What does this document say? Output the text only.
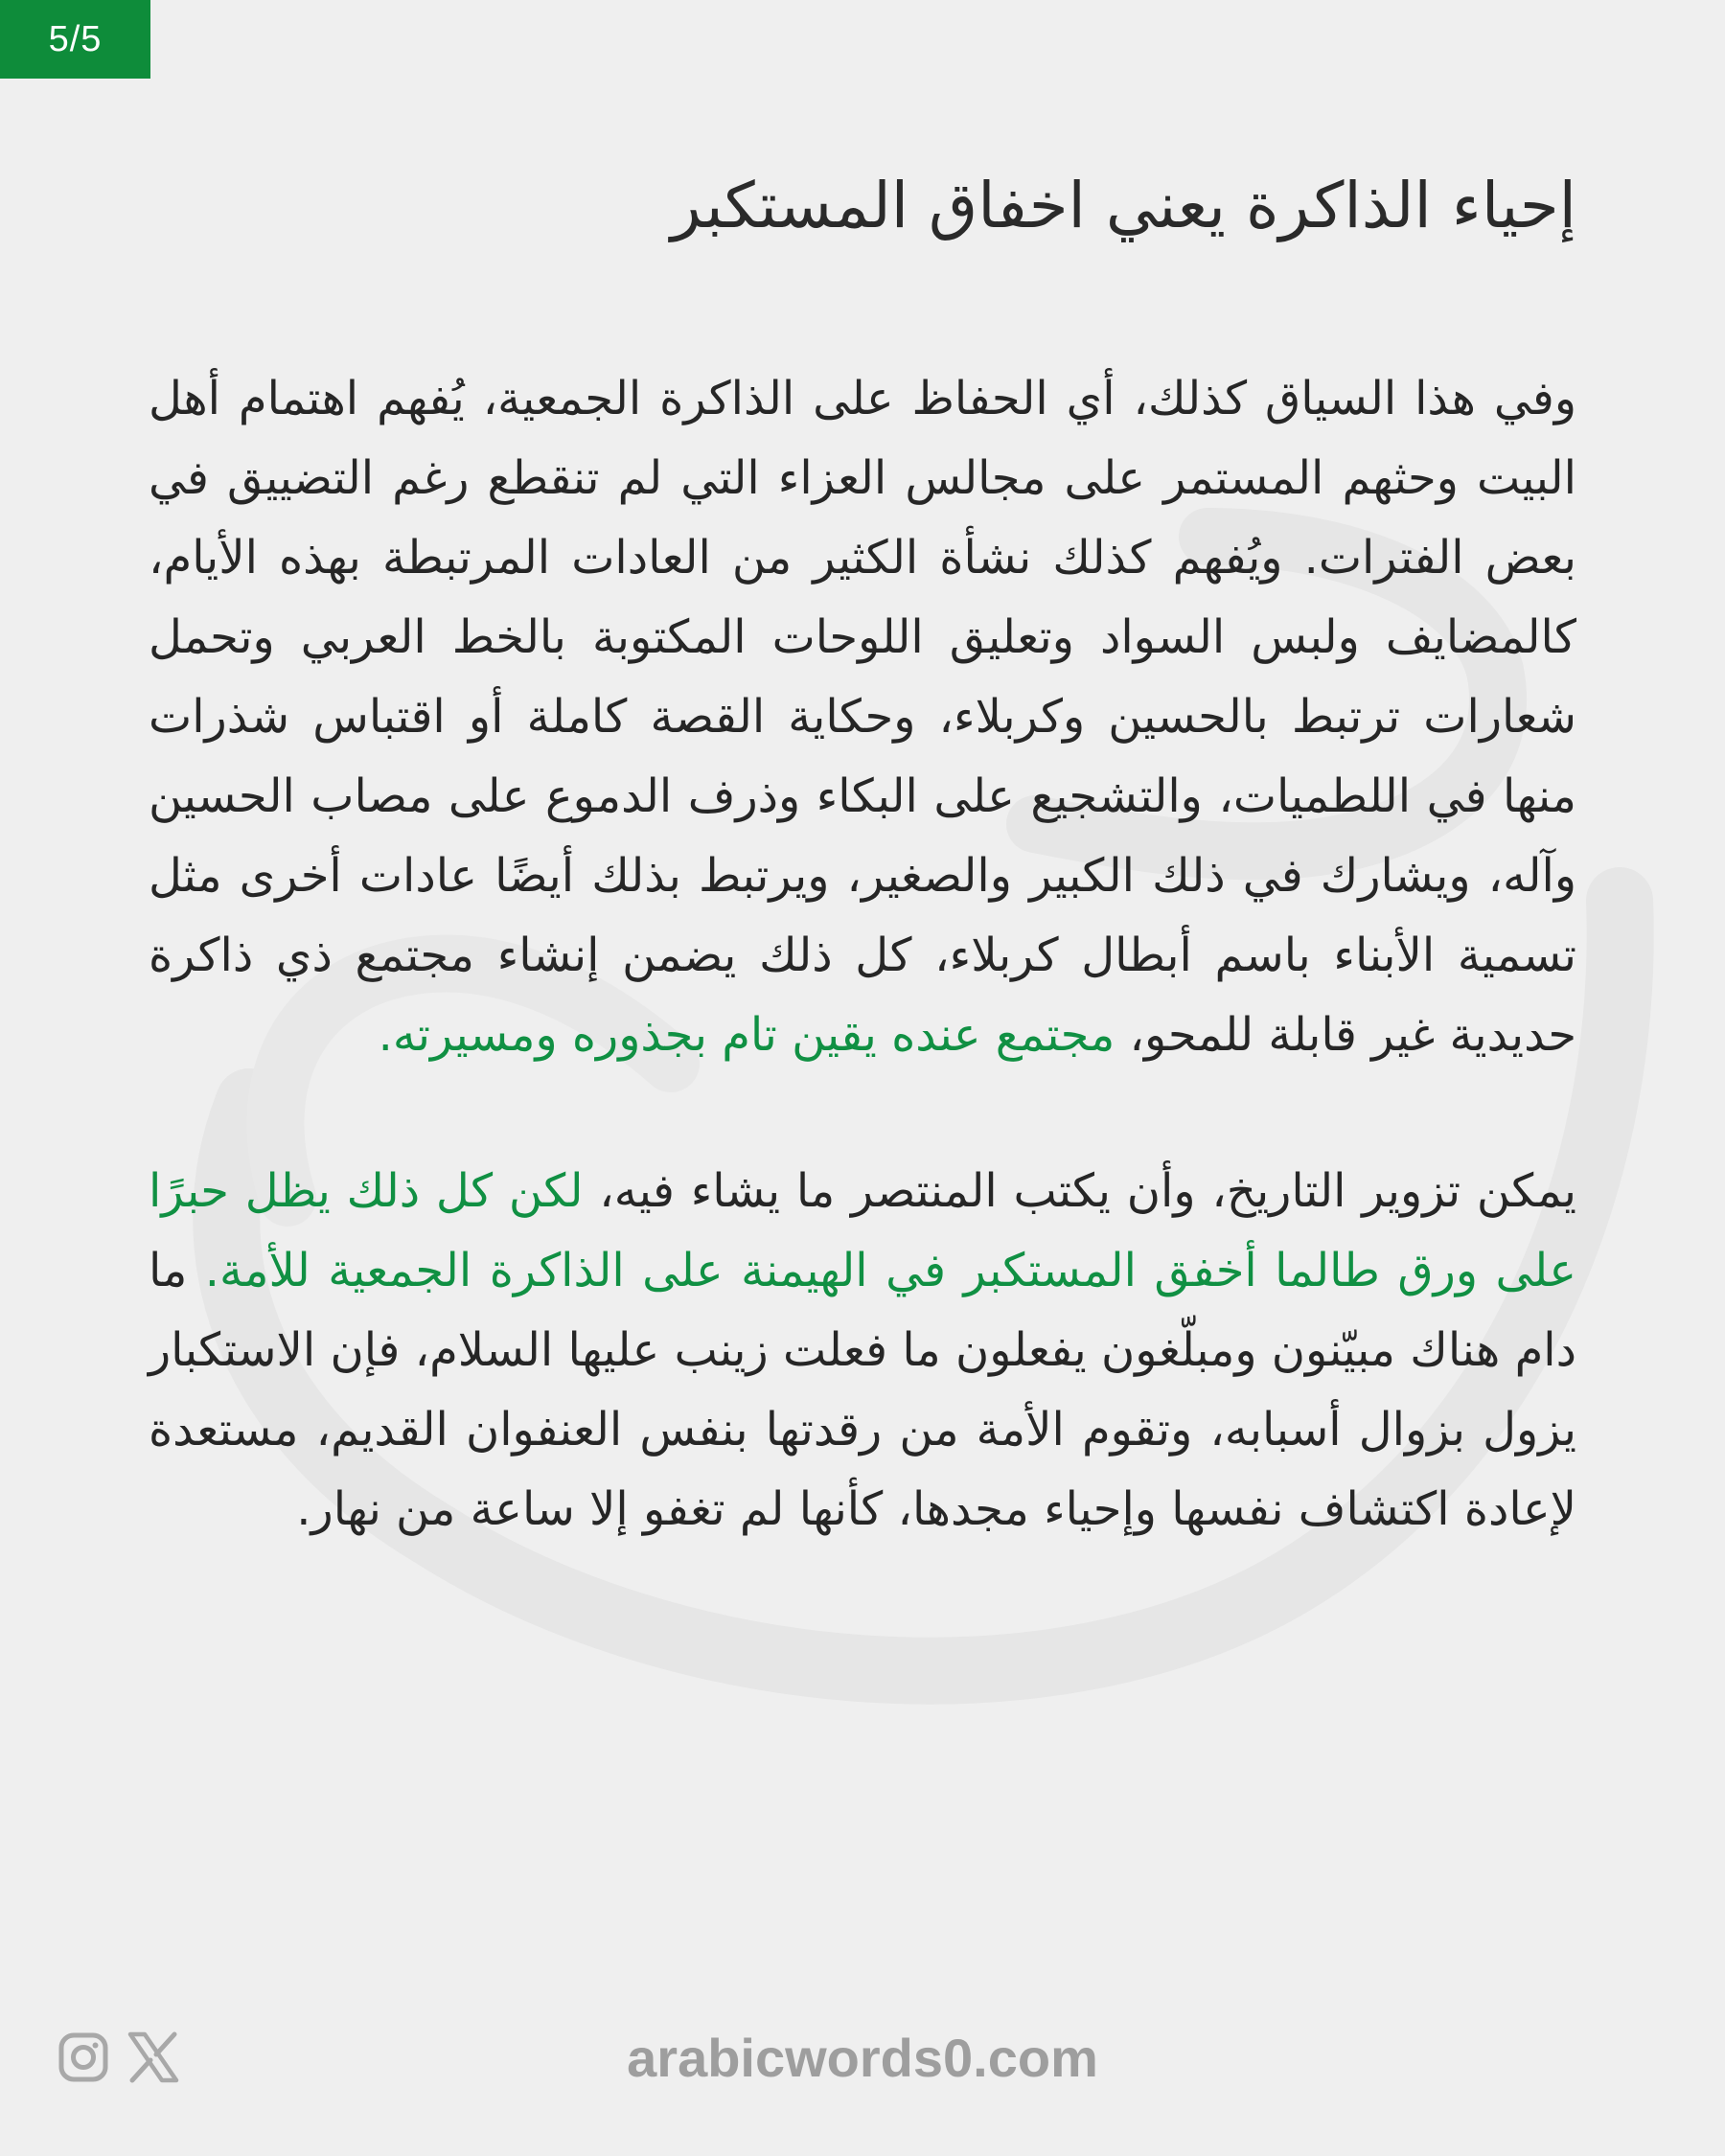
5/5
إحياء الذاكرة يعني اخفاق المستكبر

وفي هذا السياق كذلك، أي الحفاظ على الذاكرة الجمعية، يُفهم اهتمام أهل البيت وحثهم المستمر على مجالس العزاء التي لم تنقطع رغم التضييق في بعض الفترات. ويُفهم كذلك نشأة الكثير من العادات المرتبطة بهذه الأيام، كالمضايف ولبس السواد وتعليق اللوحات المكتوبة بالخط العربي وتحمل شعارات ترتبط بالحسين وكربلاء، وحكاية القصة كاملة أو اقتباس شذرات منها في اللطميات، والتشجيع على البكاء وذرف الدموع على مصاب الحسين وآله، ويشارك في ذلك الكبير والصغير، ويرتبط بذلك أيضًا عادات أخرى مثل تسمية الأبناء باسم أبطال كربلاء، كل ذلك يضمن إنشاء مجتمع ذي ذاكرة حديدية غير قابلة للمحو، مجتمع عنده يقين تام بجذوره ومسيرته.

يمكن تزوير التاريخ، وأن يكتب المنتصر ما يشاء فيه، لكن كل ذلك يظل حبرًا على ورق طالما أخفق المستكبر في الهيمنة على الذاكرة الجمعية للأمة. ما دام هناك مبيّنون ومبلّغون يفعلون ما فعلت زينب عليها السلام، فإن الاستكبار يزول بزوال أسبابه، وتقوم الأمة من رقدتها بنفس العنفوان القديم، مستعدة لإعادة اكتشاف نفسها وإحياء مجدها، كأنها لم تغفو إلا ساعة من نهار.

arabicwords0.com
